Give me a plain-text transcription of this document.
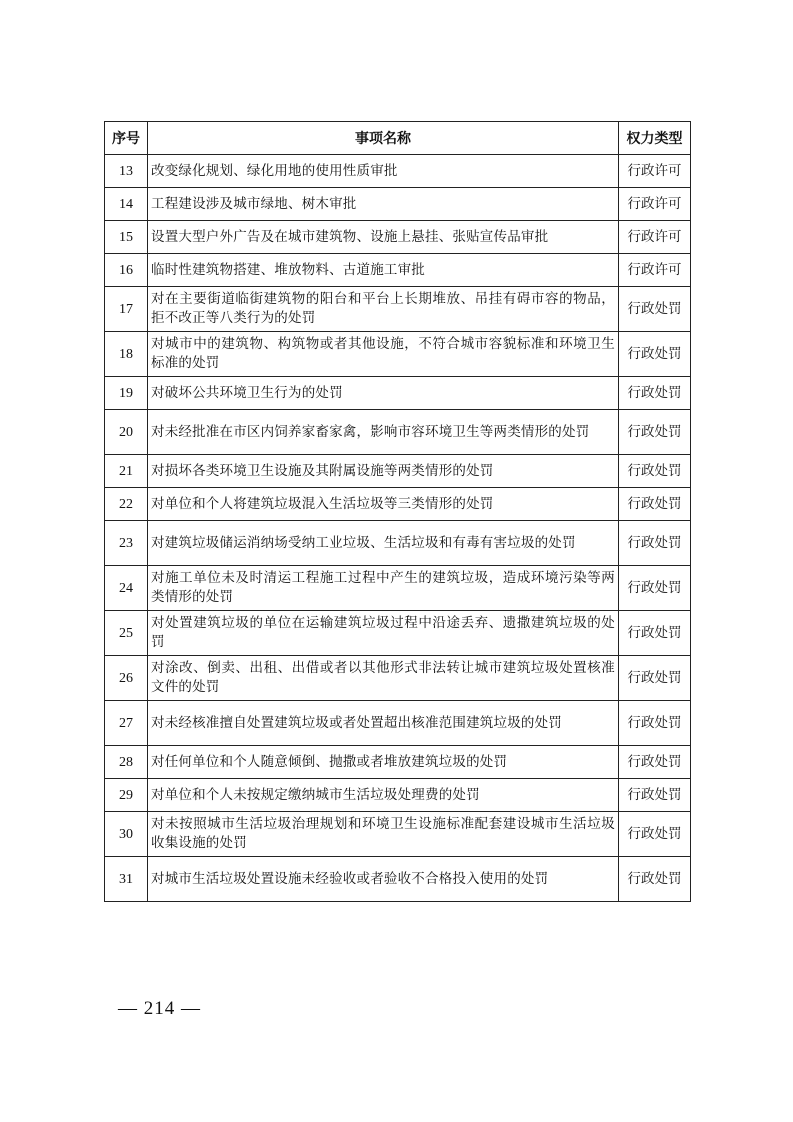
序号	事项名称	权力类型
13	改变绿化规划、绿化用地的使用性质审批	行政许可
14	工程建设涉及城市绿地、树木审批	行政许可
15	设置大型户外广告及在城市建筑物、设施上悬挂、张贴宣传品审批	行政许可
16	临时性建筑物搭建、堆放物料、古道施工审批	行政许可
17	对在主要街道临街建筑物的阳台和平台上长期堆放、吊挂有碍市容的物品，拒不改正等八类行为的处罚	行政处罚
18	对城市中的建筑物、构筑物或者其他设施，不符合城市容貌标准和环境卫生标准的处罚	行政处罚
19	对破坏公共环境卫生行为的处罚	行政处罚
20	对未经批准在市区内饲养家畜家禽，影响市容环境卫生等两类情形的处罚	行政处罚
21	对损坏各类环境卫生设施及其附属设施等两类情形的处罚	行政处罚
22	对单位和个人将建筑垃圾混入生活垃圾等三类情形的处罚	行政处罚
23	对建筑垃圾储运消纳场受纳工业垃圾、生活垃圾和有毒有害垃圾的处罚	行政处罚
24	对施工单位未及时清运工程施工过程中产生的建筑垃圾，造成环境污染等两类情形的处罚	行政处罚
25	对处置建筑垃圾的单位在运输建筑垃圾过程中沿途丢弃、遗撒建筑垃圾的处罚	行政处罚
26	对涂改、倒卖、出租、出借或者以其他形式非法转让城市建筑垃圾处置核准文件的处罚	行政处罚
27	对未经核准擅自处置建筑垃圾或者处置超出核准范围建筑垃圾的处罚	行政处罚
28	对任何单位和个人随意倾倒、抛撒或者堆放建筑垃圾的处罚	行政处罚
29	对单位和个人未按规定缴纳城市生活垃圾处理费的处罚	行政处罚
30	对未按照城市生活垃圾治理规划和环境卫生设施标准配套建设城市生活垃圾收集设施的处罚	行政处罚
31	对城市生活垃圾处置设施未经验收或者验收不合格投入使用的处罚	行政处罚
— 214 —
